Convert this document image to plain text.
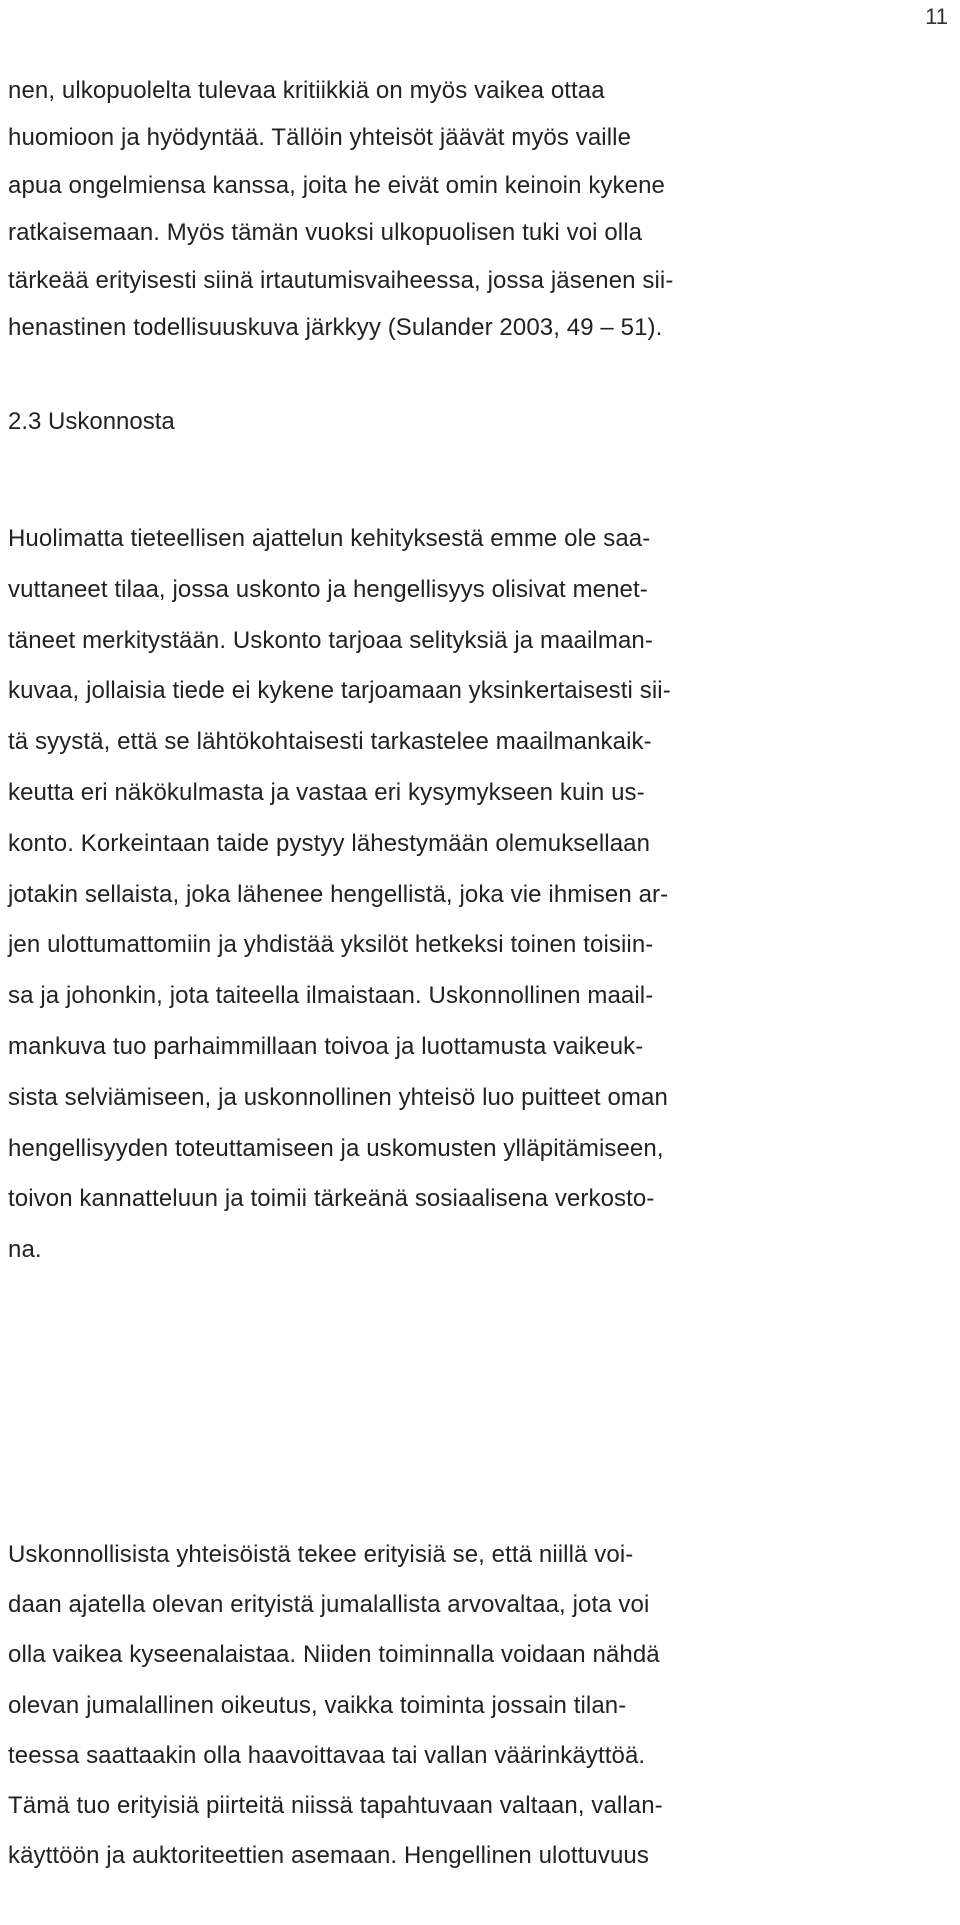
11
nen, ulkopuolelta tulevaa kritiikkiä on myös vaikea ottaa
huomioon ja hyödyntää. Tällöin yhteisöt jäävät myös vaille
apua ongelmiensa kanssa, joita he eivät omin keinoin kykene
ratkaisemaan. Myös tämän vuoksi ulkopuolisen tuki voi olla
tärkeää erityisesti siinä irtautumisvaiheessa, jossa jäsenen sii-
henastinen todellisuuskuva järkkyy (Sulander 2003, 49 – 51).
2.3 Uskonnosta
Huolimatta tieteellisen ajattelun kehityksestä emme ole saa-
vuttaneet tilaa, jossa uskonto ja hengellisyys olisivat menet-
täneet merkitystään. Uskonto tarjoaa selityksiä ja maailman-
kuvaa, jollaisia tiede ei kykene tarjoamaan yksinkertaisesti sii-
tä syystä, että se lähtökohtaisesti tarkastelee maailmankaik-
keutta eri näkökulmasta ja vastaa eri kysymykseen kuin us-
konto. Korkeintaan taide pystyy lähestymään olemuksellaan
jotakin sellaista, joka lähenee hengellistä, joka vie ihmisen ar-
jen ulottumattomiin ja yhdistää yksilöt hetkeksi toinen toisiin-
sa ja johonkin, jota taiteella ilmaistaan. Uskonnollinen maail-
mankuva tuo parhaimmillaan toivoa ja luottamusta vaikeuk-
sista selviämiseen, ja uskonnollinen yhteisö luo puitteet oman
hengellisyyden toteuttamiseen ja uskomusten ylläpitämiseen,
toivon kannatteluun ja toimii tärkeänä sosiaalisena verkosto-
na.
Uskonnollisista yhteisöistä tekee erityisiä se, että niillä voi-
daan ajatella olevan erityistä jumalallista arvovaltaa, jota voi
olla vaikea kyseenalaistaa. Niiden toiminnalla voidaan nähdä
olevan jumalallinen oikeutus, vaikka toiminta jossain tilan-
teessa saattaakin olla haavoittavaa tai vallan väärinkäyttöä.
Tämä tuo erityisiä piirteitä niissä tapahtuvaan valtaan, vallan-
käyttöön ja auktoriteettien asemaan. Hengellinen ulottuvuus
